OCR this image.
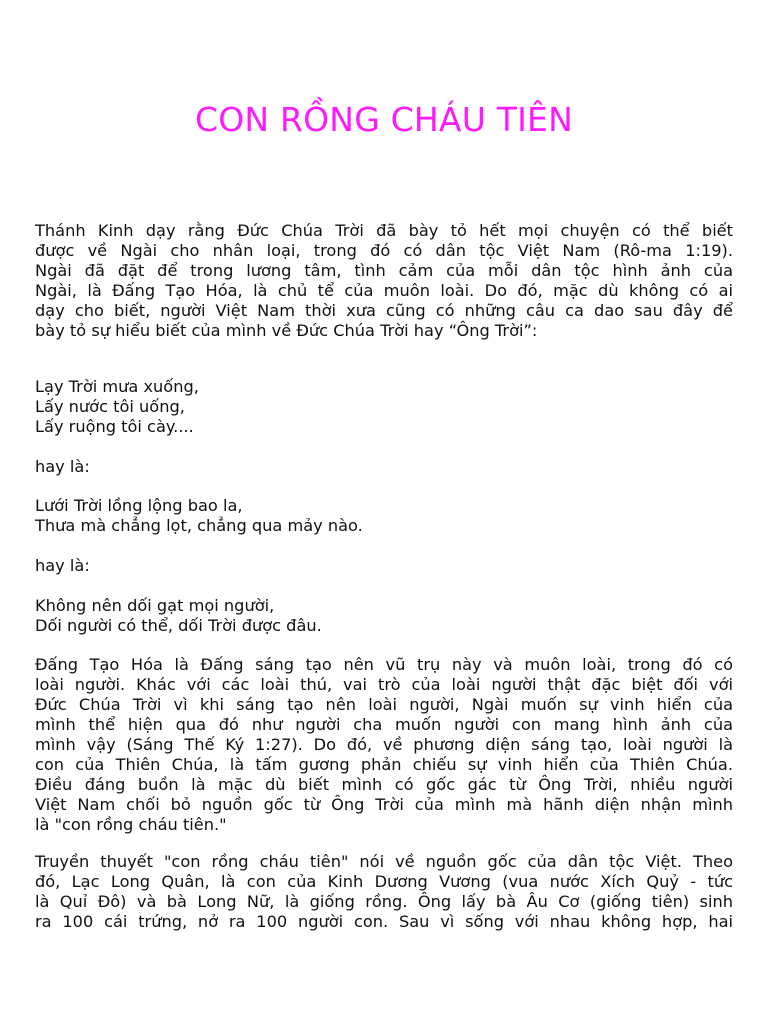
CON RỒNG CHÁU TIÊN
Thánh Kinh dạy rằng Đức Chúa Trời đã bày tỏ hết mọi chuyện có thể biết
được về Ngài cho nhân loại, trong đó có dân tộc Việt Nam (Rô-ma 1:19).
Ngài đã đặt để trong lương tâm, tình cảm của mỗi dân tộc hình ảnh của
Ngài, là Đấng Tạo Hóa, là chủ tể của muôn loài. Do đó, mặc dù không có ai
dạy cho biết, người Việt Nam thời xưa cũng có những câu ca dao sau đây để
bày tỏ sự hiểu biết của mình về Đức Chúa Trời hay “Ông Trời”:
Lạy Trời mưa xuống,
Lấy nước tôi uống,
Lấy ruộng tôi cày....
hay là:
Lưới Trời lồng lộng bao la,
Thưa mà chẳng lọt, chẳng qua mảy nào.
hay là:
Không nên dối gạt mọi người,
Dối người có thể, dối Trời được đâu.
Đấng Tạo Hóa là Đấng sáng tạo nên vũ trụ này và muôn loài, trong đó có
loài người. Khác với các loài thú, vai trò của loài người thật đặc biệt đối với
Đức Chúa Trời vì khi sáng tạo nên loài người, Ngài muốn sự vinh hiển của
mình thể hiện qua đó như người cha muốn người con mang hình ảnh của
mình vậy (Sáng Thế Ký 1:27). Do đó, về phương diện sáng tạo, loài người là
con của Thiên Chúa, là tấm gương phản chiếu sự vinh hiển của Thiên Chúa.
Điều đáng buồn là mặc dù biết mình có gốc gác từ Ông Trời, nhiều người
Việt Nam chối bỏ nguồn gốc từ Ông Trời của mình mà hãnh diện nhận mình
là "con rồng cháu tiên."
Truyền thuyết "con rồng cháu tiên" nói về nguồn gốc của dân tộc Việt. Theo
đó, Lạc Long Quân, là con của Kinh Dương Vương (vua nước Xích Quỷ - tức
là Quỉ Đô) và bà Long Nữ, là giống rồng. Ông lấy bà Âu Cơ (giống tiên) sinh
ra 100 cái trứng, nở ra 100 người con. Sau vì sống với nhau không hợp, hai
